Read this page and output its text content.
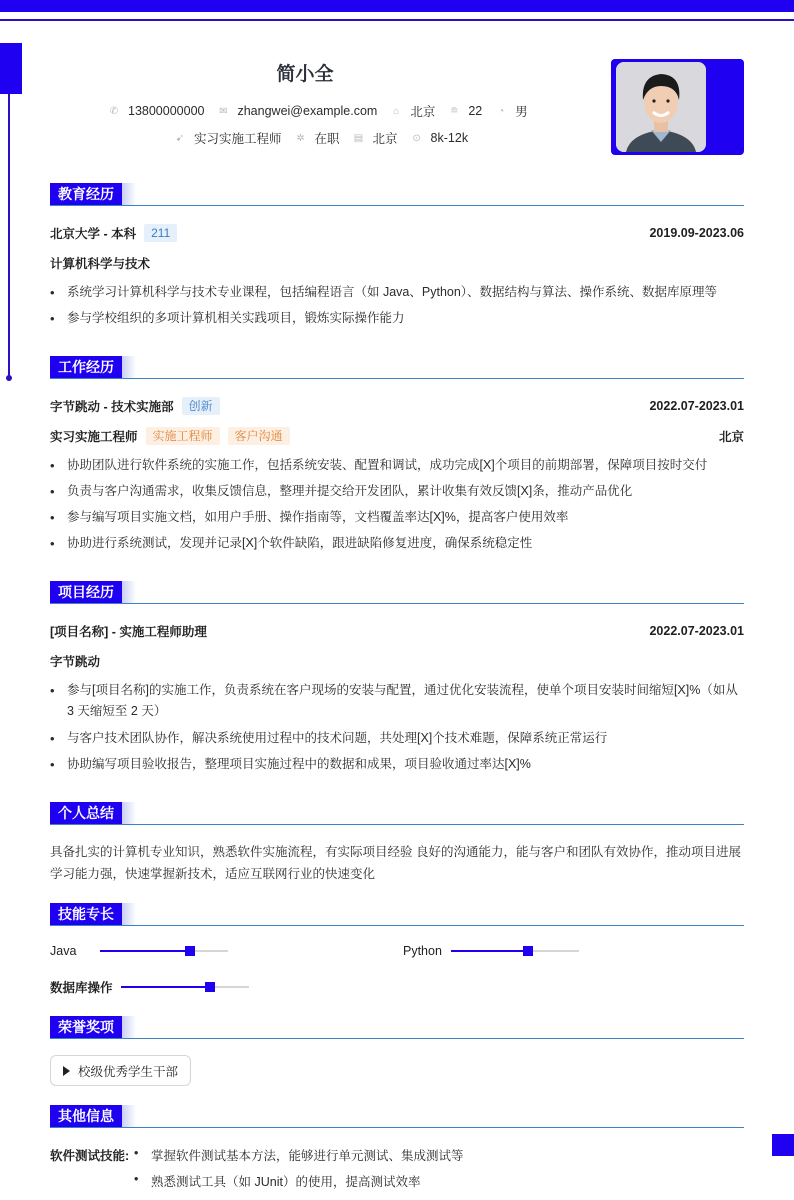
简小全
✆ 13800000000 ✉ zhangwei@example.com ⌂ 北京 ≘ 22 ◔ 男
➹ 实习实施工程师 ✲ 在职 ▤ 北京 ⊙ 8k-12k
教育经历
北京大学 - 本科	211	2019.09-2023.06
计算机科学与技术
• 系统学习计算机科学与技术专业课程，包括编程语言（如 Java、Python）、数据结构与算法、操作系统、数据库原理等
• 参与学校组织的多项计算机相关实践项目，锻炼实际操作能力
工作经历
字节跳动 - 技术实施部	创新	2022.07-2023.01
实习实施工程师	实施工程师	客户沟通	北京
• 协助团队进行软件系统的实施工作，包括系统安装、配置和调试，成功完成[X]个项目的前期部署，保障项目按时交付
• 负责与客户沟通需求，收集反馈信息，整理并提交给开发团队，累计收集有效反馈[X]条，推动产品优化
• 参与编写项目实施文档，如用户手册、操作指南等，文档覆盖率达[X]%，提高客户使用效率
• 协助进行系统测试，发现并记录[X]个软件缺陷，跟进缺陷修复进度，确保系统稳定性
项目经历
[项目名称] - 实施工程师助理	2022.07-2023.01
字节跳动
• 参与[项目名称]的实施工作，负责系统在客户现场的安装与配置，通过优化安装流程，使单个项目安装时间缩短[X]%（如从 3 天缩短至 2 天）
• 与客户技术团队协作，解决系统使用过程中的技术问题，共处理[X]个技术难题，保障系统正常运行
• 协助编写项目验收报告，整理项目实施过程中的数据和成果，项目验收通过率达[X]%
个人总结
具备扎实的计算机专业知识，熟悉软件实施流程，有实际项目经验 良好的沟通能力，能与客户和团队有效协作，推动项目进展 学习能力强，快速掌握新技术，适应互联网行业的快速变化
技能专长
Java	Python
数据库操作
荣誉奖项
校级优秀学生干部
其他信息
软件测试技能:	• 掌握软件测试基本方法，能够进行单元测试、集成测试等
• 熟悉测试工具（如 JUnit）的使用，提高测试效率
